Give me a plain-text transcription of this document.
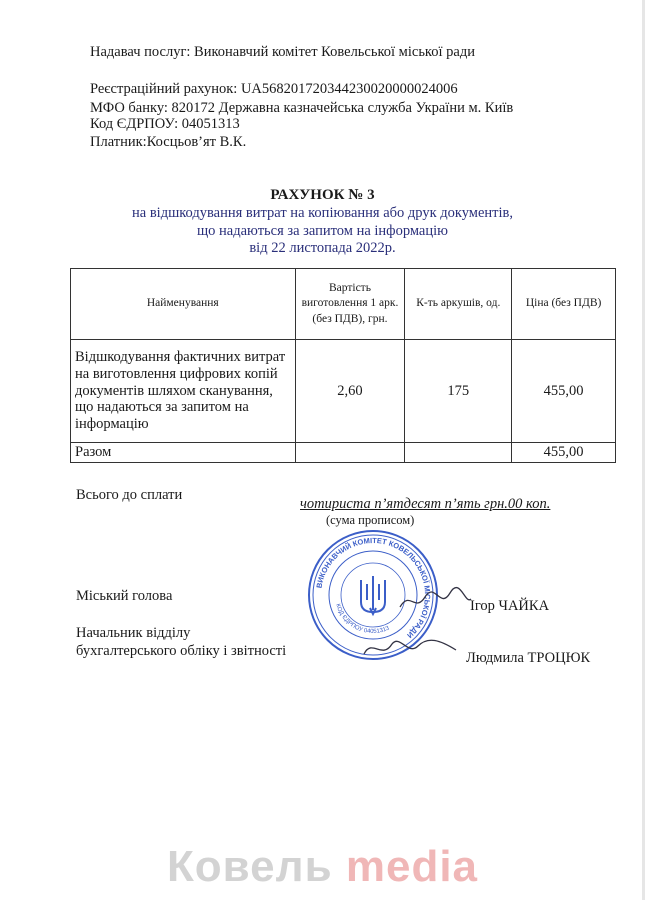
Надавач послуг: Виконавчий комітет Ковельської міської ради
Реєстраційний рахунок: UA568201720344230020000024006
МФО банку: 820172 Державна казначейська служба України м. Київ
Код ЄДРПОУ: 04051313
Платник:Косцьов’ят В.К.
РАХУНОК № 3
на відшкодування витрат на копіювання або друк документів,
що надаються за запитом на інформацію
від 22 листопада 2022р.
Найменування	Вартість виготовлення 1 арк. (без ПДВ), грн.	К-ть аркушів, од.	Ціна (без ПДВ)
Відшкодування фактичних витрат на виготовлення цифрових копій документів шляхом сканування, що надаються за запитом на інформацію	2,60	175	455,00
Разом			455,00
Всього до сплати
чотириста п’ятдесят п’ять грн.00 коп.
(сума прописом)
ВИКОНАВЧИЙ КОМІТЕТ КОВЕЛЬСЬКОЇ МІСЬКОЇ РАДИ
КОД ЄДРПОУ 04051313
Міський голова
Ігор ЧАЙКА
Начальник відділу
бухгалтерського обліку і звітності	Людмила ТРОЦЮК
Ковель media
